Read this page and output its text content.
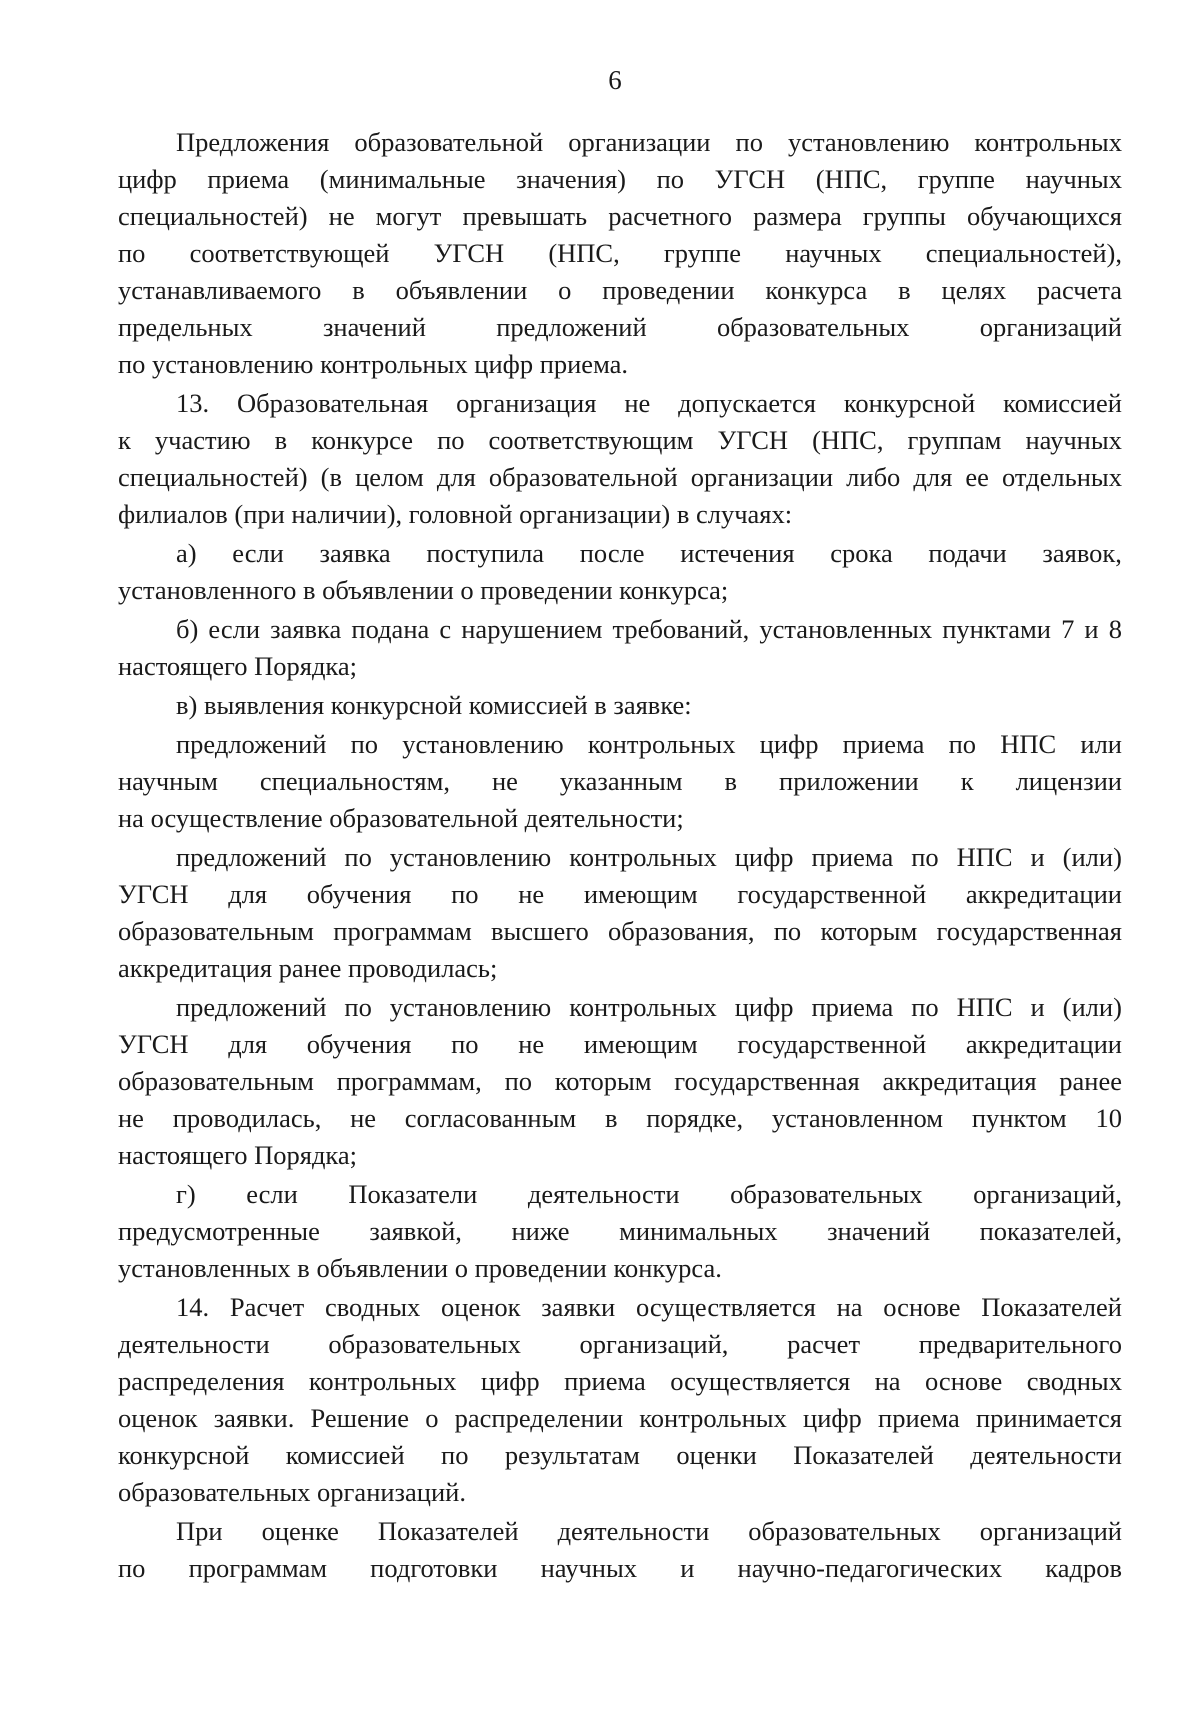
6
Предложения образовательной организации по установлению контрольных
цифр приема (минимальные значения) по УГСН (НПС, группе научных
специальностей) не могут превышать расчетного размера группы обучающихся
по соответствующей УГСН (НПС, группе научных специальностей),
устанавливаемого в объявлении о проведении конкурса в целях расчета
предельных	значений	предложений	образовательных	организаций
по установлению контрольных цифр приема.
13. Образовательная организация не допускается конкурсной комиссией
к участию в конкурсе по соответствующим УГСН (НПС, группам научных
специальностей) (в целом для образовательной организации либо для ее отдельных
филиалов (при наличии), головной организации) в случаях:
а) если заявка поступила после истечения срока подачи заявок,
установленного в объявлении о проведении конкурса;
б) если заявка подана с нарушением требований, установленных пунктами 7 и 8
настоящего Порядка;
в) выявления конкурсной комиссией в заявке:
предложений по установлению контрольных цифр приема по НПС или
научным специальностям, не указанным в приложении к лицензии
на осуществление образовательной деятельности;
предложений по установлению контрольных цифр приема по НПС и (или)
УГСН для обучения по не имеющим государственной аккредитации
образовательным программам высшего образования, по которым государственная
аккредитация ранее проводилась;
предложений по установлению контрольных цифр приема по НПС и (или)
УГСН для обучения по не имеющим государственной аккредитации
образовательным программам, по которым государственная аккредитация ранее
не проводилась, не согласованным в порядке, установленном пунктом 10
настоящего Порядка;
г) если Показатели деятельности образовательных организаций,
предусмотренные заявкой, ниже минимальных значений показателей,
установленных в объявлении о проведении конкурса.
14. Расчет сводных оценок заявки осуществляется на основе Показателей
деятельности образовательных организаций, расчет предварительного
распределения контрольных цифр приема осуществляется на основе сводных
оценок заявки. Решение о распределении контрольных цифр приема принимается
конкурсной комиссией по результатам оценки Показателей деятельности
образовательных организаций.
При оценке Показателей деятельности образовательных организаций
по программам подготовки научных и научно-педагогических кадров
